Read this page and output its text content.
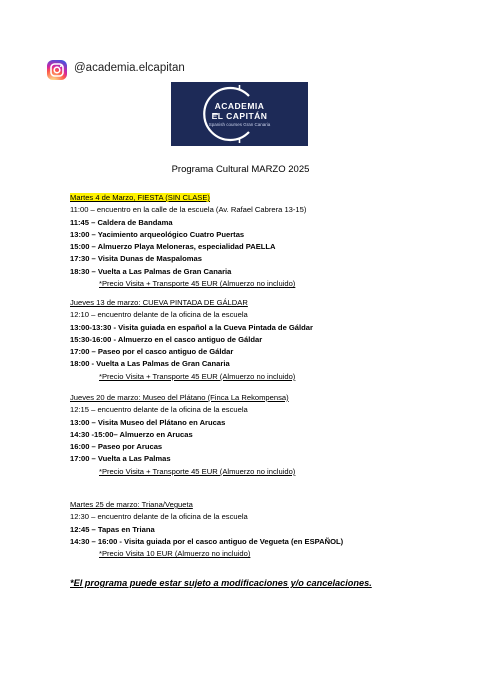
@academia.elcapitan
ACADEMIA
EL CAPITÁN
Spanish courses Gran Canaria
Programa Cultural MARZO 2025
Martes 4 de Marzo, FIESTA (SIN CLASE)
11:00 – encuentro en la calle de la escuela (Av. Rafael Cabrera 13-15)
11:45 – Caldera de Bandama
13:00 – Yacimiento arqueológico Cuatro Puertas
15:00 – Almuerzo Playa Meloneras, especialidad PAELLA
17:30 – Visita Dunas de Maspalomas
18:30 – Vuelta a Las Palmas de Gran Canaria
*Precio Visita + Transporte 45 EUR (Almuerzo no incluido)
Jueves 13 de marzo: CUEVA PINTADA DE GÁLDAR
12:10 – encuentro delante de la oficina de la escuela
13:00-13:30 - Visita guiada en español a la Cueva Pintada de Gáldar
15:30-16:00 - Almuerzo en el casco antiguo de Gáldar
17:00 – Paseo por el casco antiguo de Gáldar
18:00 - Vuelta a Las Palmas de Gran Canaria
*Precio Visita + Transporte 45 EUR (Almuerzo no incluido)
Jueves 20 de marzo: Museo del Plátano (Finca La Rekompensa)
12:15 – encuentro delante de la oficina de la escuela
13:00 – Visita Museo del Plátano en Arucas
14:30 -15:00– Almuerzo en Arucas
16:00 – Paseo por Arucas
17:00 – Vuelta a Las Palmas
*Precio Visita + Transporte 45 EUR (Almuerzo no incluido)
Martes 25 de marzo: Triana/Vegueta
12:30 – encuentro delante de la oficina de la escuela
12:45 – Tapas en Triana
14:30 – 16:00 - Visita guiada por el casco antiguo de Vegueta (en ESPAÑOL)
*Precio Visita 10 EUR (Almuerzo no incluido)
*El programa puede estar sujeto a modificaciones y/o cancelaciones.
